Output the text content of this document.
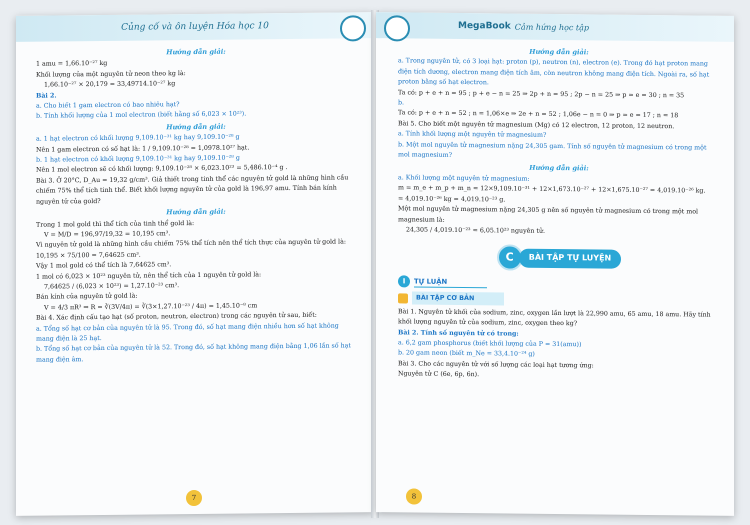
Củng cố và ôn luyện Hóa học 10
Hướng dẫn giải:
1 amu = 1,66.10⁻²⁷ kg
Khối lượng của một nguyên tử neon theo kg là:
1,66.10⁻²⁷ × 20,179 = 33,49714.10⁻²⁷ kg
Bài 2.
a. Cho biết 1 gam electron có bao nhiêu hạt?
b. Tính khối lượng của 1 mol electron (biết hằng số 6,023 × 10²³).
Hướng dẫn giải:
a. 1 hạt electron có khối lượng 9,109.10⁻³¹ kg hay 9,109.10⁻²⁸ g
Nên 1 gam electron có số hạt là: 1 / 9,109.10⁻²⁸ = 1,0978.10²⁷ hạt.
b. 1 hạt electron có khối lượng 9,109.10⁻³¹ kg hay 9,109.10⁻²⁸ g
Nên 1 mol electron sẽ có khối lượng: 9,109.10⁻²⁸ × 6,023.10²³ = 5,486.10⁻⁴ g .
Bài 3. Ở 20°C, D_Au = 19,32 g/cm³. Giả thiết trong tinh thể các nguyên tử gold là những hình cầu chiếm 75% thể tích tinh thể. Biết khối lượng nguyên tử của gold là 196,97 amu. Tính bán kính nguyên tử của gold?
Hướng dẫn giải:
Trong 1 mol gold thì thể tích của tinh thể gold là:
V = M/D = 196,97/19,32 = 10,195 cm³.
Vì nguyên tử gold là những hình cầu chiếm 75% thể tích nên thể tích thực của nguyên tử gold là: 10,195 × 75/100 = 7,64625 cm³.
Vậy 1 mol gold có thể tích là 7,64625 cm³.
1 mol có 6,023 × 10²³ nguyên tử, nên thể tích của 1 nguyên tử gold là:
7,64625 / (6,023 × 10²³) = 1,27.10⁻²³ cm³.
Bán kính của nguyên tử gold là:
V = 4/3 πR³ ⇒ R = ∛(3V/4π) = ∛(3×1,27.10⁻²³ / 4π) = 1,45.10⁻⁸ cm
Bài 4. Xác định cấu tạo hạt (số proton, neutron, electron) trong các nguyên tử sau, biết:
a. Tổng số hạt cơ bản của nguyên tử là 95. Trong đó, số hạt mang điện nhiều hơn số hạt không mang điện là 25 hạt.
b. Tổng số hạt cơ bản của nguyên tử là 52. Trong đó, số hạt không mang điện bằng 1,06 lần số hạt mang điện âm.
7
MegaBook Cảm hứng học tập
Hướng dẫn giải:
a. Trong nguyên tử, có 3 loại hạt: proton (p), neutron (n), electron (e). Trong đó hạt proton mang điện tích dương, electron mang điện tích âm, còn neutron không mang điện tích. Ngoài ra, số hạt proton bằng số hạt electron.
Ta có: p + e + n = 95 ; p + e − n = 25 ⇒ 2p + n = 95 ; 2p − n = 25 ⇒ p = e = 30 ; n = 35
b.
Ta có: p + e + n = 52 ; n = 1,06×e ⇒ 2e + n = 52 ; 1,06e − n = 0 ⇒ p = e = 17 ; n = 18
Bài 5. Cho biết một nguyên tử magnesium (Mg) có 12 electron, 12 proton, 12 neutron.
a. Tính khối lượng một nguyên tử magnesium?
b. Một mol nguyên tử magnesium nặng 24,305 gam. Tính số nguyên tử magnesium có trong một mol magnesium?
Hướng dẫn giải:
a. Khối lượng một nguyên tử magnesium:
m = m_e + m_p + m_n = 12×9,109.10⁻³¹ + 12×1,673.10⁻²⁷ + 12×1,675.10⁻²⁷ = 4,019.10⁻²⁶ kg.
= 4,019.10⁻²⁶ kg = 4,019.10⁻²³ g.
Một mol nguyên tử magnesium nặng 24,305 g nên số nguyên tử magnesium có trong một mol magnesium là:
24,305 / 4,019.10⁻²³ = 6,05.10²³ nguyên tử.
C	BÀI TẬP TỰ LUYỆN
I	TỰ LUẬN
BÀI TẬP CƠ BẢN
Bài 1. Nguyên tử khối của sodium, zinc, oxygen lần lượt là 22,990 amu, 65 amu, 18 amu. Hãy tính khối lượng nguyên tử của sodium, zinc, oxygen theo kg?
Bài 2. Tính số nguyên tử có trong:
a. 6,2 gam phosphorus (biết khối lượng của P = 31(amu))
b. 20 gam neon (biết m_Ne = 33,4.10⁻²⁴ g)
Bài 3. Cho các nguyên tử với số lượng các loại hạt tương ứng:
Nguyên tử C (6e, 6p, 6n).
8
